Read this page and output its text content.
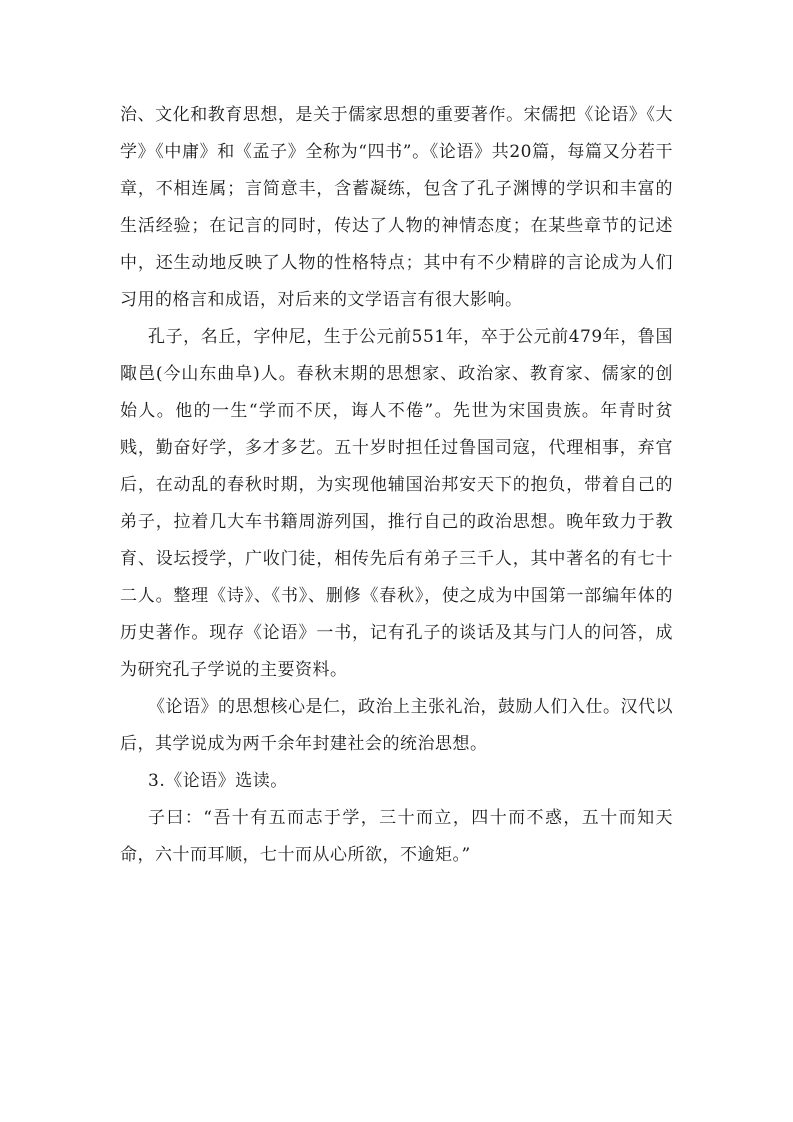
治、文化和教育思想，是关于儒家思想的重要著作。宋儒把《论语》《大学》《中庸》和《孟子》全称为“四书”。《论语》共20篇，每篇又分若干章，不相连属；言简意丰，含蓄凝练，包含了孔子渊博的学识和丰富的生活经验；在记言的同时，传达了人物的神情态度；在某些章节的记述中，还生动地反映了人物的性格特点；其中有不少精辟的言论成为人们习用的格言和成语，对后来的文学语言有很大影响。

孔子，名丘，字仲尼，生于公元前551年，卒于公元前479年，鲁国陬邑(今山东曲阜)人。春秋末期的思想家、政治家、教育家、儒家的创始人。他的一生“学而不厌，诲人不倦”。先世为宋国贵族。年青时贫贱，勤奋好学，多才多艺。五十岁时担任过鲁国司寇，代理相事，弃官后，在动乱的春秋时期，为实现他辅国治邦安天下的抱负，带着自己的弟子，拉着几大车书籍周游列国，推行自己的政治思想。晚年致力于教育、设坛授学，广收门徒，相传先后有弟子三千人，其中著名的有七十二人。整理《诗》、《书》、删修《春秋》，使之成为中国第一部编年体的历史著作。现存《论语》一书，记有孔子的谈话及其与门人的问答，成为研究孔子学说的主要资料。

《论语》的思想核心是仁，政治上主张礼治，鼓励人们入仕。汉代以后，其学说成为两千余年封建社会的统治思想。

3.《论语》选读。

子曰：“吾十有五而志于学，三十而立，四十而不惑，五十而知天命，六十而耳顺，七十而从心所欲，不逾矩。”
